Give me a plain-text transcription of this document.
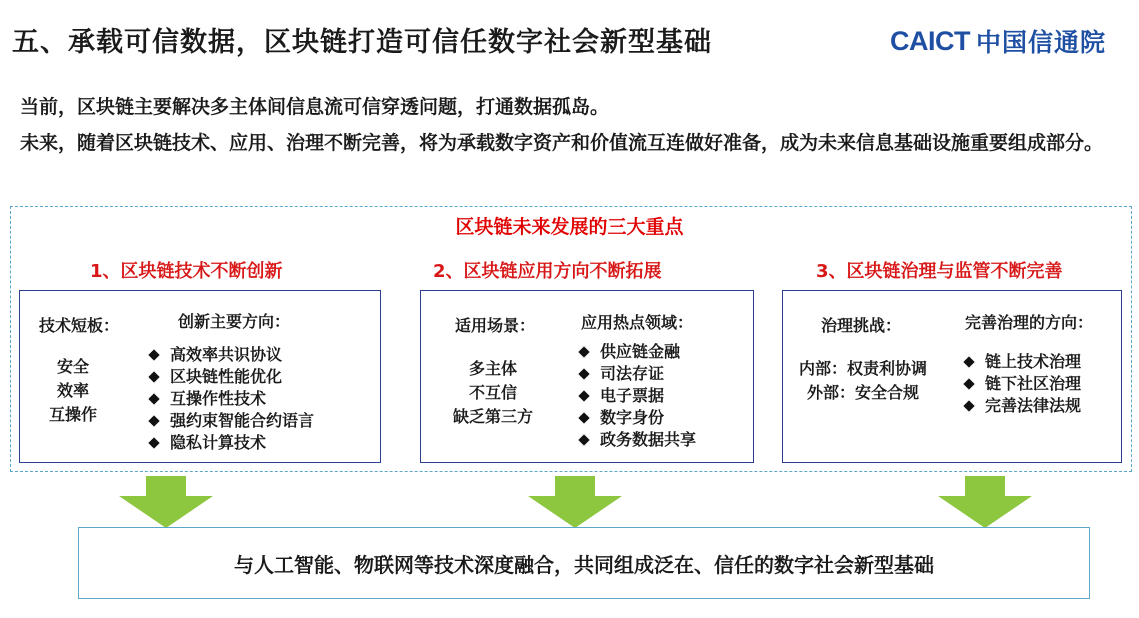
五、承载可信数据，区块链打造可信任数字社会新型基础	CAICT 中国信通院
当前，区块链主要解决多主体间信息流可信穿透问题，打通数据孤岛。
未来，随着区块链技术、应用、治理不断完善，将为承载数字资产和价值流互连做好准备，成为未来信息基础设施重要组成部分。
区块链未来发展的三大重点
1、区块链技术不断创新
技术短板：
安全
效率
互操作
创新主要方向：
高效率共识协议
区块链性能优化
互操作性技术
强约束智能合约语言
隐私计算技术
2、区块链应用方向不断拓展
适用场景：
多主体
不互信
缺乏第三方
应用热点领域：
供应链金融
司法存证
电子票据
数字身份
政务数据共享
3、区块链治理与监管不断完善
治理挑战：
内部：权责利协调
外部：安全合规
完善治理的方向：
链上技术治理
链下社区治理
完善法律法规
与人工智能、物联网等技术深度融合，共同组成泛在、信任的数字社会新型基础
